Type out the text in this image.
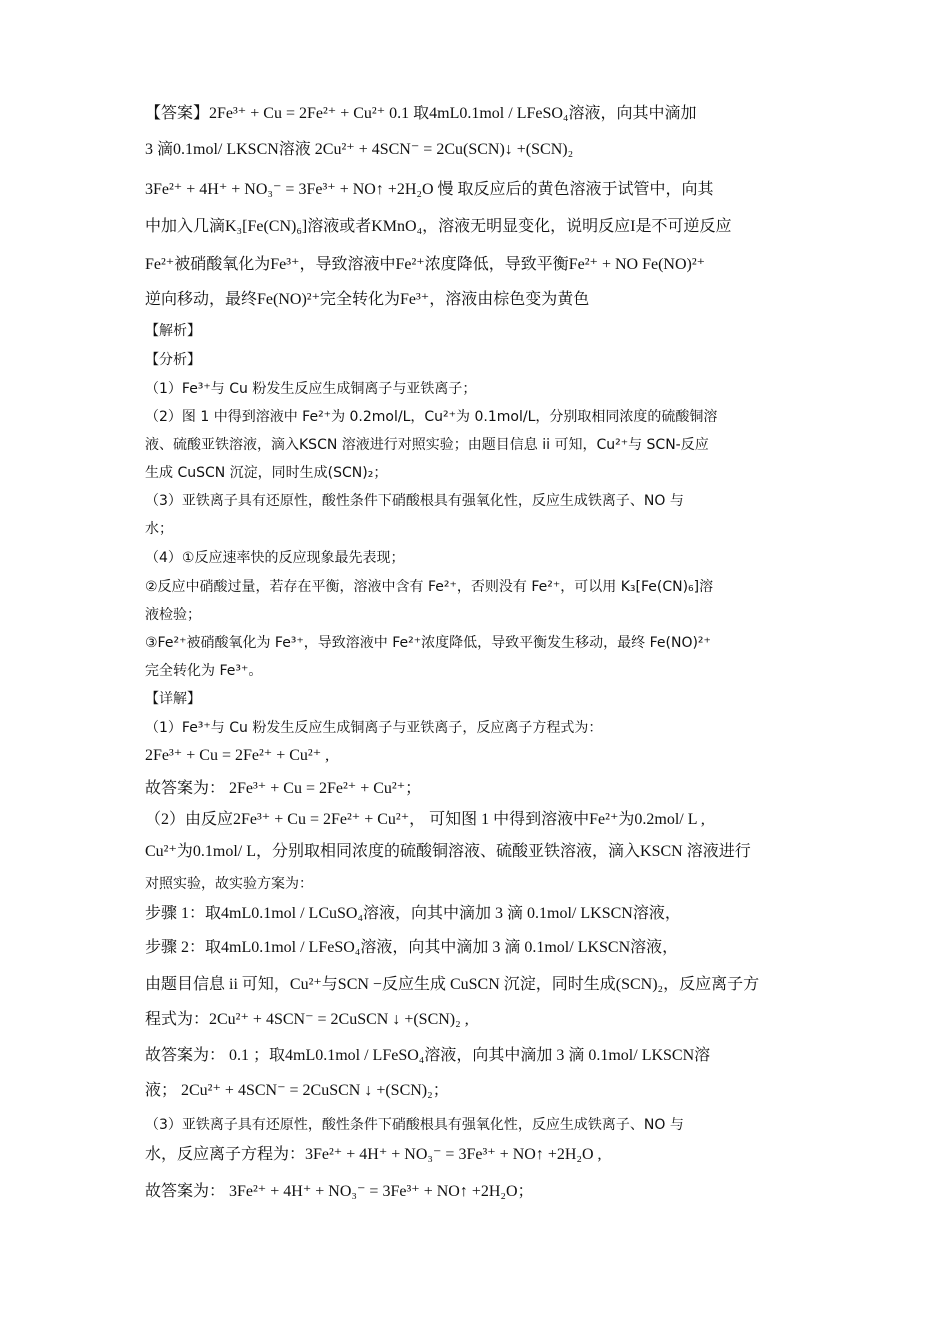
【答案】2Fe³⁺ + Cu = 2Fe²⁺ + Cu²⁺ 0.1 取4mL0.1mol / LFeSO₄溶液，向其中滴加
3 滴0.1mol/ LKSCN溶液 2Cu²⁺ + 4SCN⁻ = 2Cu(SCN)↓ +(SCN)₂
3Fe²⁺ + 4H⁺ + NO₃⁻ = 3Fe³⁺ + NO↑ +2H₂O 慢 取反应后的黄色溶液于试管中，向其
中加入几滴K₃[Fe(CN)₆]溶液或者KMnO₄，溶液无明显变化，说明反应I是不可逆反应
Fe²⁺被硝酸氧化为Fe³⁺，导致溶液中Fe²⁺浓度降低，导致平衡Fe²⁺ + NO Fe(NO)²⁺
逆向移动，最终Fe(NO)²⁺完全转化为Fe³⁺，溶液由棕色变为黄色
【解析】
【分析】
（1）Fe³⁺与 Cu 粉发生反应生成铜离子与亚铁离子；
（2）图 1 中得到溶液中 Fe²⁺为 0.2mol/L，Cu²⁺为 0.1mol/L，分别取相同浓度的硫酸铜溶
液、硫酸亚铁溶液，滴入KSCN 溶液进行对照实验；由题目信息 ii 可知，Cu²⁺与 SCN-反应
生成 CuSCN 沉淀，同时生成(SCN)₂；
（3）亚铁离子具有还原性，酸性条件下硝酸根具有强氧化性，反应生成铁离子、NO 与
水；
（4）①反应速率快的反应现象最先表现；
②反应中硝酸过量，若存在平衡，溶液中含有 Fe²⁺，否则没有 Fe²⁺，可以用 K₃[Fe(CN)₆]溶
液检验；
③Fe²⁺被硝酸氧化为 Fe³⁺，导致溶液中 Fe²⁺浓度降低，导致平衡发生移动，最终 Fe(NO)²⁺
完全转化为 Fe³⁺。
【详解】
（1）Fe³⁺与 Cu 粉发生反应生成铜离子与亚铁离子，反应离子方程式为：
2Fe³⁺ + Cu = 2Fe²⁺ + Cu²⁺ ,
故答案为： 2Fe³⁺ + Cu = 2Fe²⁺ + Cu²⁺；
（2）由反应2Fe³⁺ + Cu = 2Fe²⁺ + Cu²⁺， 可知图 1 中得到溶液中Fe²⁺为0.2mol/ L ,
Cu²⁺为0.1mol/ L，分别取相同浓度的硫酸铜溶液、硫酸亚铁溶液，滴入KSCN 溶液进行
对照实验，故实验方案为：
步骤 1：取4mL0.1mol / LCuSO₄溶液，向其中滴加 3 滴 0.1mol/ LKSCN溶液，
步骤 2：取4mL0.1mol / LFeSO₄溶液，向其中滴加 3 滴 0.1mol/ LKSCN溶液，
由题目信息 ii 可知，Cu²⁺与SCN −反应生成 CuSCN 沉淀，同时生成(SCN)₂，反应离子方
程式为：2Cu²⁺ + 4SCN⁻ = 2CuSCN ↓ +(SCN)₂ ,
故答案为： 0.1 ；取4mL0.1mol / LFeSO₄溶液，向其中滴加 3 滴 0.1mol/ LKSCN溶
液； 2Cu²⁺ + 4SCN⁻ = 2CuSCN ↓ +(SCN)₂；
（3）亚铁离子具有还原性，酸性条件下硝酸根具有强氧化性，反应生成铁离子、NO 与
水，反应离子方程为：3Fe²⁺ + 4H⁺ + NO₃⁻ = 3Fe³⁺ + NO↑ +2H₂O ,
故答案为： 3Fe²⁺ + 4H⁺ + NO₃⁻ = 3Fe³⁺ + NO↑ +2H₂O；
